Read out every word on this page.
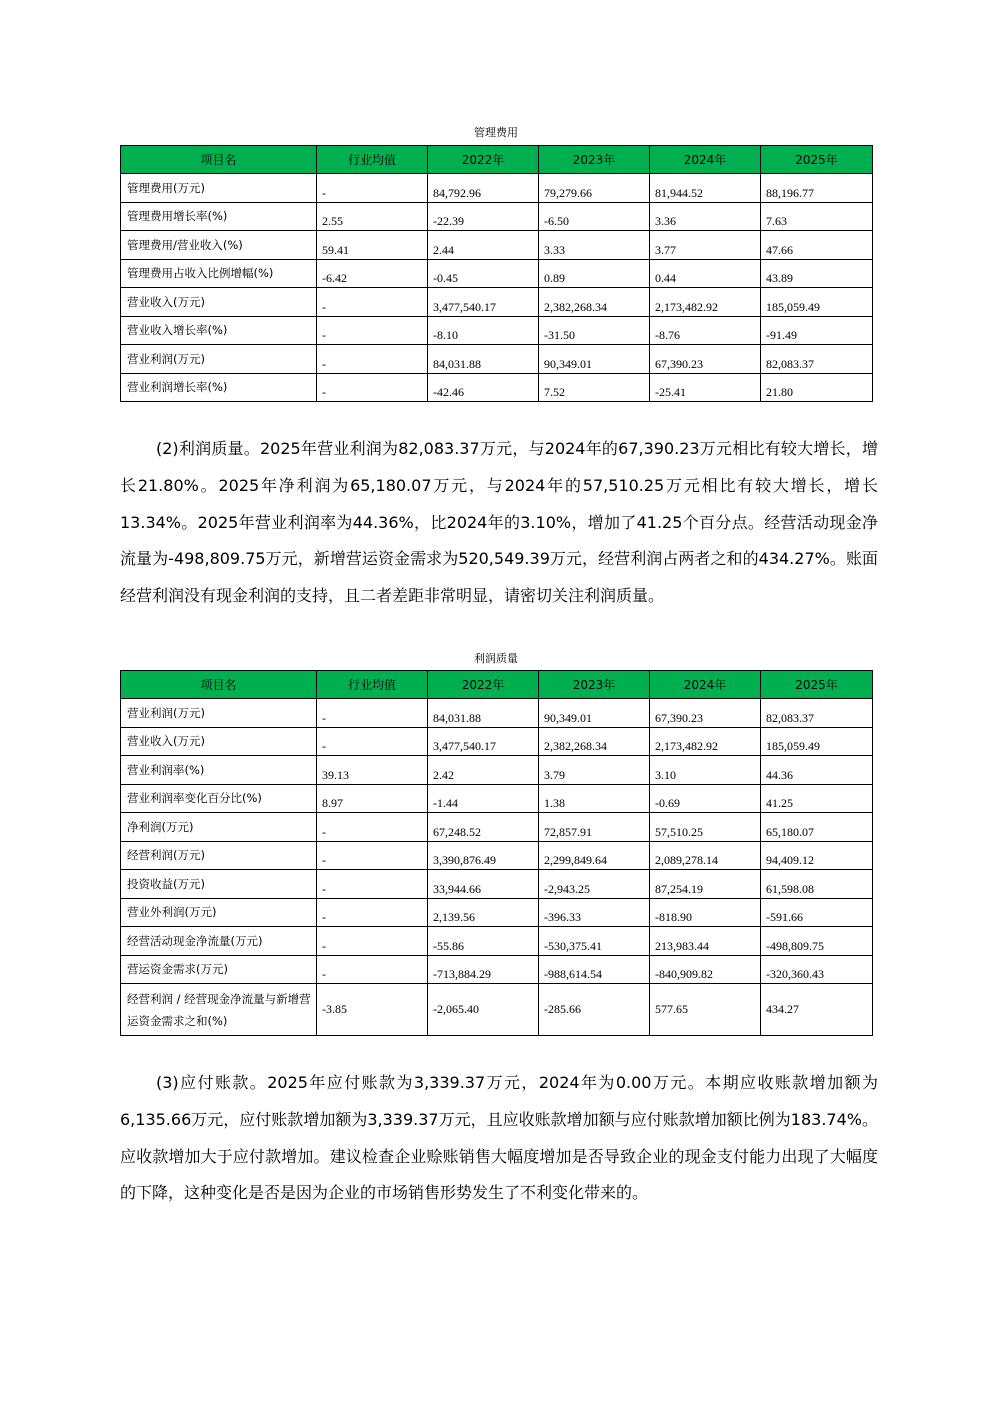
管理费用
项目名	行业均值	2022年	2023年	2024年	2025年
管理费用(万元)	-	84,792.96	79,279.66	81,944.52	88,196.77
管理费用增长率(%)	2.55	-22.39	-6.50	3.36	7.63
管理费用/营业收入(%)	59.41	2.44	3.33	3.77	47.66
管理费用占收入比例增幅(%)	-6.42	-0.45	0.89	0.44	43.89
营业收入(万元)	-	3,477,540.17	2,382,268.34	2,173,482.92	185,059.49
营业收入增长率(%)	-	-8.10	-31.50	-8.76	-91.49
营业利润(万元)	-	84,031.88	90,349.01	67,390.23	82,083.37
营业利润增长率(%)	-	-42.46	7.52	-25.41	21.80
(2)利润质量。2025年营业利润为82,083.37万元，与2024年的67,390.23万元相比有较大增长，增长21.80%。2025年净利润为65,180.07万元，与2024年的57,510.25万元相比有较大增长，增长13.34%。2025年营业利润率为44.36%，比2024年的3.10%，增加了41.25个百分点。经营活动现金净流量为-498,809.75万元，新增营运资金需求为520,549.39万元，经营利润占两者之和的434.27%。账面经营利润没有现金利润的支持，且二者差距非常明显，请密切关注利润质量。
利润质量
项目名	行业均值	2022年	2023年	2024年	2025年
营业利润(万元)	-	84,031.88	90,349.01	67,390.23	82,083.37
营业收入(万元)	-	3,477,540.17	2,382,268.34	2,173,482.92	185,059.49
营业利润率(%)	39.13	2.42	3.79	3.10	44.36
营业利润率变化百分比(%)	8.97	-1.44	1.38	-0.69	41.25
净利润(万元)	-	67,248.52	72,857.91	57,510.25	65,180.07
经营利润(万元)	-	3,390,876.49	2,299,849.64	2,089,278.14	94,409.12
投资收益(万元)	-	33,944.66	-2,943.25	87,254.19	61,598.08
营业外利润(万元)	-	2,139.56	-396.33	-818.90	-591.66
经营活动现金净流量(万元)	-	-55.86	-530,375.41	213,983.44	-498,809.75
营运资金需求(万元)	-	-713,884.29	-988,614.54	-840,909.82	-320,360.43
经营利润 / 经营现金净流量与新增营运资金需求之和(%)	-3.85	-2,065.40	-285.66	577.65	434.27
(3)应付账款。2025年应付账款为3,339.37万元，2024年为0.00万元。本期应收账款增加额为6,135.66万元，应付账款增加额为3,339.37万元，且应收账款增加额与应付账款增加额比例为183.74%。应收款增加大于应付款增加。建议检查企业赊账销售大幅度增加是否导致企业的现金支付能力出现了大幅度的下降，这种变化是否是因为企业的市场销售形势发生了不利变化带来的。
